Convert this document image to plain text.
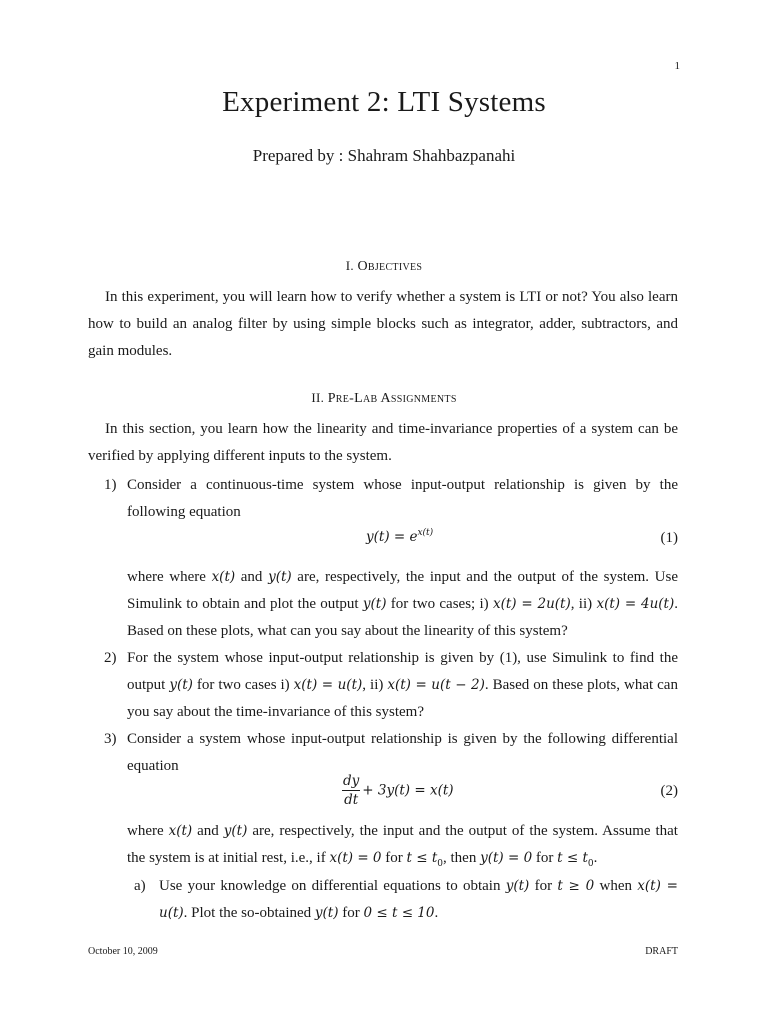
1
Experiment 2: LTI Systems
Prepared by : Shahram Shahbazpanahi
I. Objectives
In this experiment, you will learn how to verify whether a system is LTI or not? You also learn how to build an analog filter by using simple blocks such as integrator, adder, subtractors, and gain modules.
II. Pre-Lab Assignments
In this section, you learn how the linearity and time-invariance properties of a system can be verified by applying different inputs to the system.
1) Consider a continuous-time system whose input-output relationship is given by the following equation
$y(t) = e^{x(t)}$	(1)
where where x(t) and y(t) are, respectively, the input and the output of the system. Use Simulink to obtain and plot the output y(t) for two cases; i) x(t) = 2u(t), ii) x(t) = 4u(t). Based on these plots, what can you say about the linearity of this system?
2) For the system whose input-output relationship is given by (1), use Simulink to find the output y(t) for two cases i) x(t) = u(t), ii) x(t) = u(t − 2). Based on these plots, what can you say about the time-invariance of this system?
3) Consider a system whose input-output relationship is given by the following differential equation
$\frac{dy}{dt} + 3y(t) = x(t)$	(2)
where x(t) and y(t) are, respectively, the input and the output of the system. Assume that the system is at initial rest, i.e., if x(t) = 0 for $t \le t_0$, then y(t) = 0 for $t \le t_0$.
a) Use your knowledge on differential equations to obtain y(t) for t ≥ 0 when x(t) = u(t). Plot the so-obtained y(t) for 0 ≤ t ≤ 10.
October 10, 2009	DRAFT
